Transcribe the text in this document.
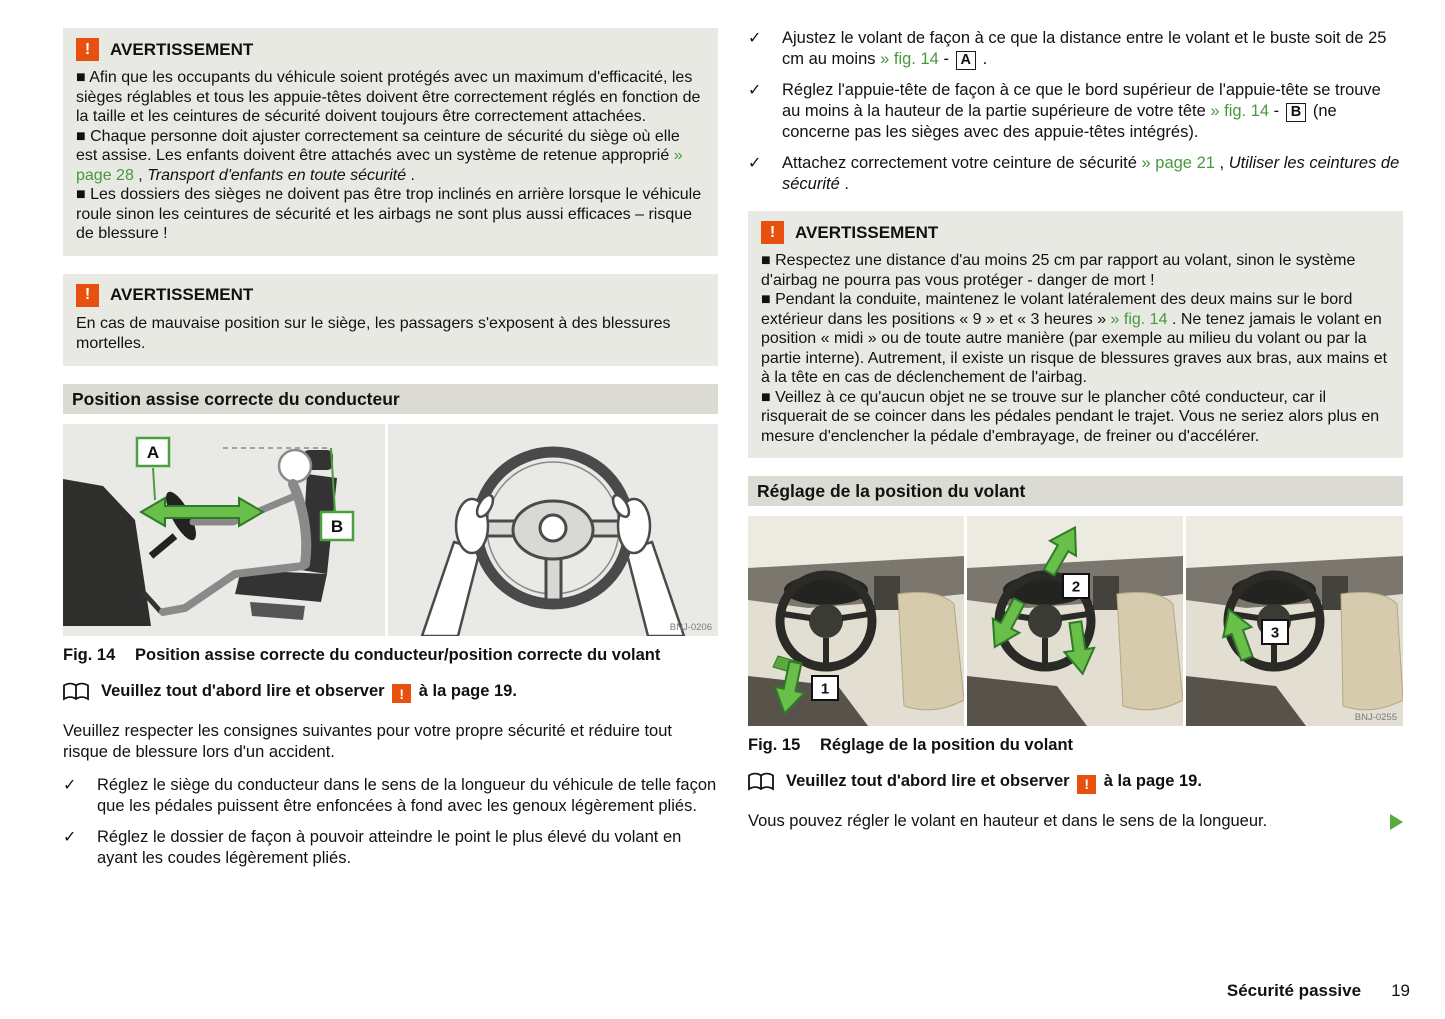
!	AVERTISSEMENT

■ Afin que les occupants du véhicule soient protégés avec un maximum d'efficacité, les sièges réglables et tous les appuie-têtes doivent être correctement réglés en fonction de la taille et les ceintures de sécurité doivent toujours être correctement attachées.

■ Chaque personne doit ajuster correctement sa ceinture de sécurité du siège où elle est assise. Les enfants doivent être attachés avec un système de retenue approprié » page 28 , Transport d'enfants en toute sécurité .

■ Les dossiers des sièges ne doivent pas être trop inclinés en arrière lorsque le véhicule roule sinon les ceintures de sécurité et les airbags ne sont plus aussi efficaces – risque de blessure !

!	AVERTISSEMENT

En cas de mauvaise position sur le siège, les passagers s'exposent à des blessures mortelles.

Position assise correcte du conducteur
A
B
BNJ-0206
Fig. 14	Position assise correcte du conducteur/position correcte du volant

Veuillez tout d'abord lire et observer ! à la page 19.

Veuillez respecter les consignes suivantes pour votre propre sécurité et réduire tout risque de blessure lors d'un accident.

✓	Réglez le siège du conducteur dans le sens de la longueur du véhicule de telle façon que les pédales puissent être enfoncées à fond avec les genoux légèrement pliés.

✓	Réglez le dossier de façon à pouvoir atteindre le point le plus élevé du volant en ayant les coudes légèrement pliés.

✓	Ajustez le volant de façon à ce que la distance entre le volant et le buste soit de 25 cm au moins » fig. 14 - A .

✓	Réglez l'appuie-tête de façon à ce que le bord supérieur de l'appuie-tête se trouve au moins à la hauteur de la partie supérieure de votre tête » fig. 14 - B (ne concerne pas les sièges avec des appuie-têtes intégrés).

✓	Attachez correctement votre ceinture de sécurité » page 21 , Utiliser les ceintures de sécurité .

!	AVERTISSEMENT

■ Respectez une distance d'au moins 25 cm par rapport au volant, sinon le système d'airbag ne pourra pas vous protéger - danger de mort !

■ Pendant la conduite, maintenez le volant latéralement des deux mains sur le bord extérieur dans les positions « 9 » et « 3 heures » » fig. 14 . Ne tenez jamais le volant en position « midi » ou de toute autre manière (par exemple au milieu du volant ou par la partie interne). Autrement, il existe un risque de blessures graves aux bras, aux mains et à la tête en cas de déclenchement de l'airbag.

■ Veillez à ce qu'aucun objet ne se trouve sur le plancher côté conducteur, car il risquerait de se coincer dans les pédales pendant le trajet. Vous ne seriez alors plus en mesure d'enclencher la pédale d'embrayage, de freiner ou d'accélérer.

Réglage de la position du volant
1
2
3
BNJ-0255
Fig. 15	Réglage de la position du volant

Veuillez tout d'abord lire et observer ! à la page 19.

Vous pouvez régler le volant en hauteur et dans le sens de la longueur.

Sécurité passive 19
